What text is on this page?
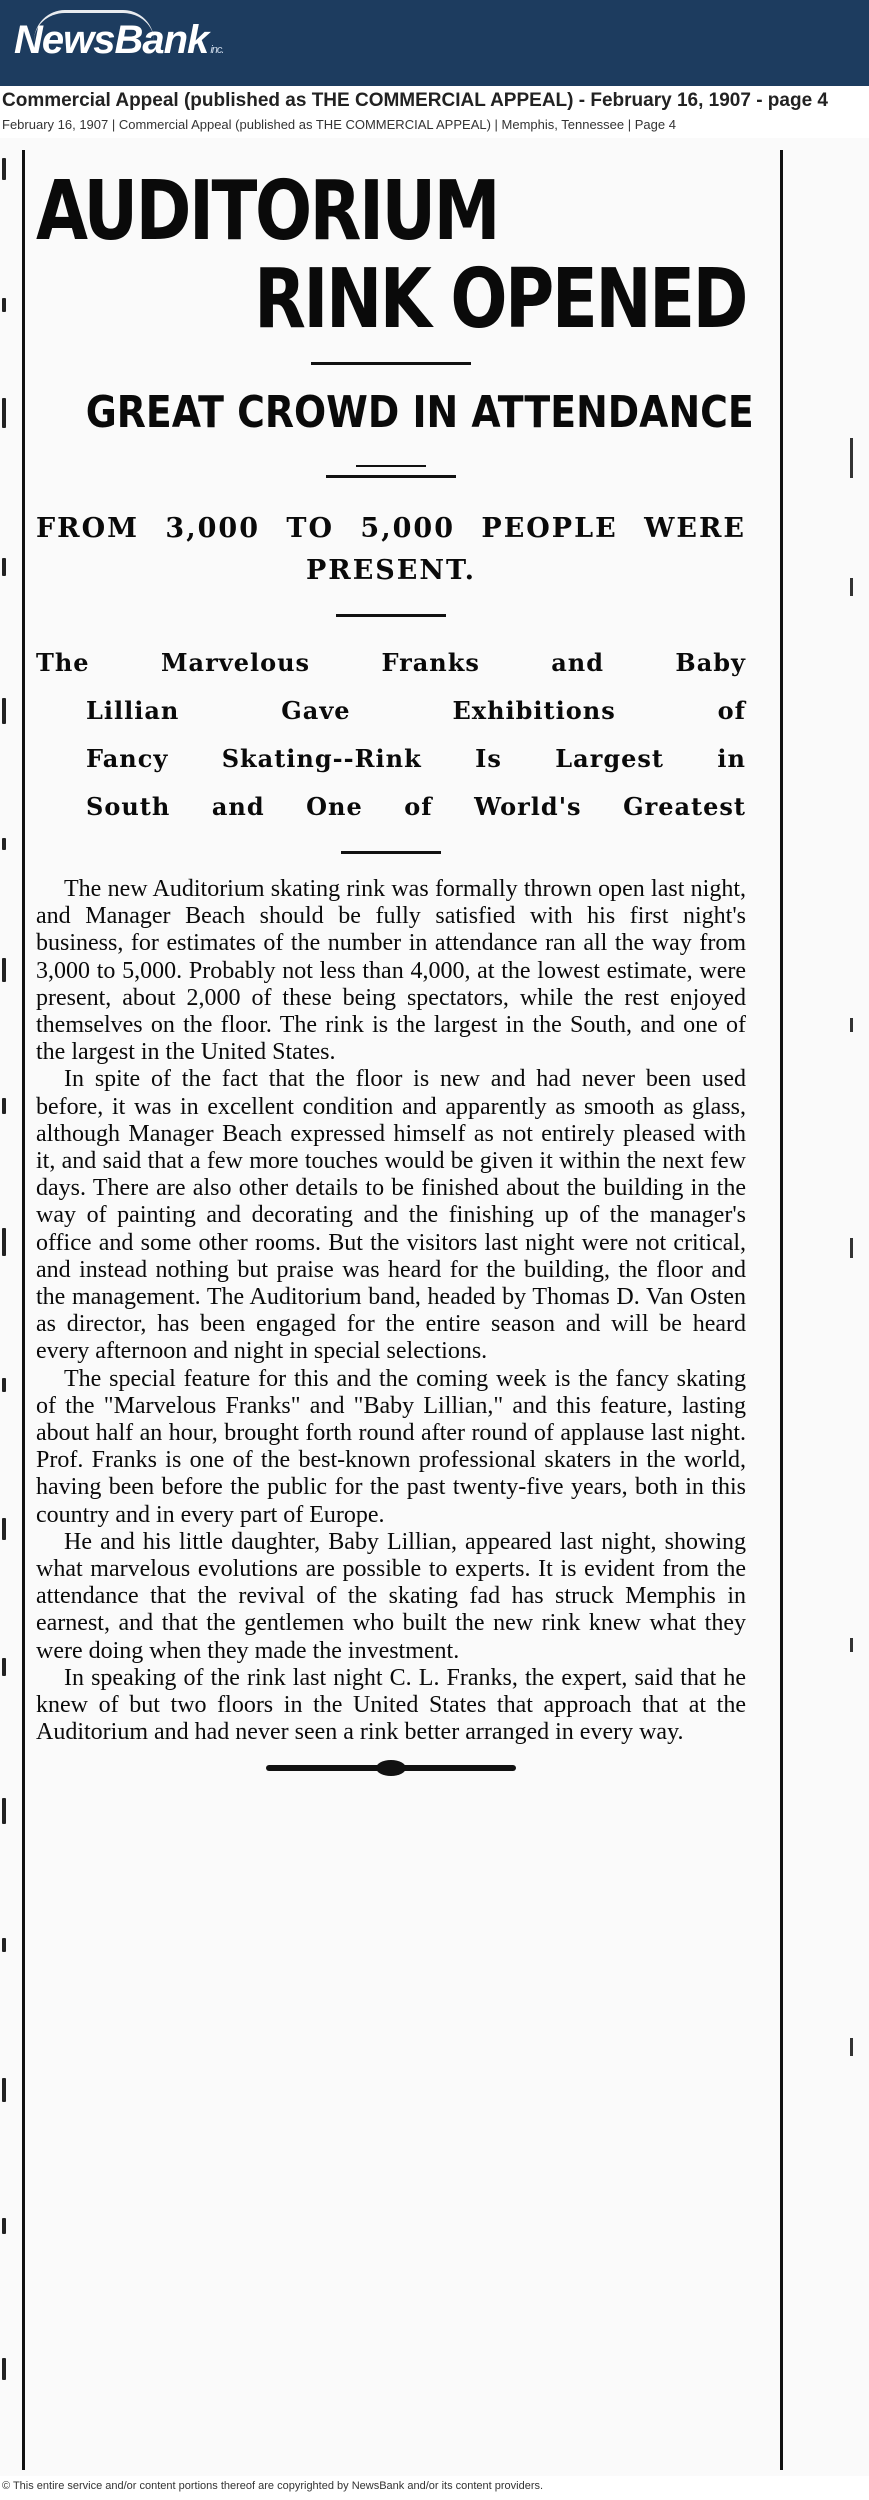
NewsBank inc.
Commercial Appeal (published as THE COMMERCIAL APPEAL) - February 16, 1907 - page 4
February 16, 1907 | Commercial Appeal (published as THE COMMERCIAL APPEAL) | Memphis, Tennessee | Page 4
AUDITORIUM
RINK OPENED
GREAT CROWD IN ATTENDANCE
FROM 3,000 TO 5,000 PEOPLE WERE PRESENT.
The Marvelous Franks and Baby
Lillian Gave Exhibitions of
Fancy Skating--Rink Is Largest in
South and One of World's Greatest

The new Auditorium skating rink was formally thrown open last night, and Manager Beach should be fully satisfied with his first night's business, for estimates of the number in attendance ran all the way from 3,000 to 5,000. Probably not less than 4,000, at the lowest estimate, were present, about 2,000 of these being spectators, while the rest enjoyed themselves on the floor. The rink is the largest in the South, and one of the largest in the United States.

In spite of the fact that the floor is new and had never been used before, it was in excellent condition and apparently as smooth as glass, although Manager Beach expressed himself as not entirely pleased with it, and said that a few more touches would be given it within the next few days. There are also other details to be finished about the building in the way of painting and decorating and the finishing up of the manager's office and some other rooms. But the visitors last night were not critical, and instead nothing but praise was heard for the building, the floor and the management. The Auditorium band, headed by Thomas D. Van Osten as director, has been engaged for the entire season and will be heard every afternoon and night in special selections.

The special feature for this and the coming week is the fancy skating of the "Marvelous Franks" and "Baby Lillian," and this feature, lasting about half an hour, brought forth round after round of applause last night. Prof. Franks is one of the best-known professional skaters in the world, having been before the public for the past twenty-five years, both in this country and in every part of Europe.

He and his little daughter, Baby Lillian, appeared last night, showing what marvelous evolutions are possible to experts. It is evident from the attendance that the revival of the skating fad has struck Memphis in earnest, and that the gentlemen who built the new rink knew what they were doing when they made the investment.

In speaking of the rink last night C. L. Franks, the expert, said that he knew of but two floors in the United States that approach that at the Auditorium and had never seen a rink better arranged in every way.

© This entire service and/or content portions thereof are copyrighted by NewsBank and/or its content providers.
